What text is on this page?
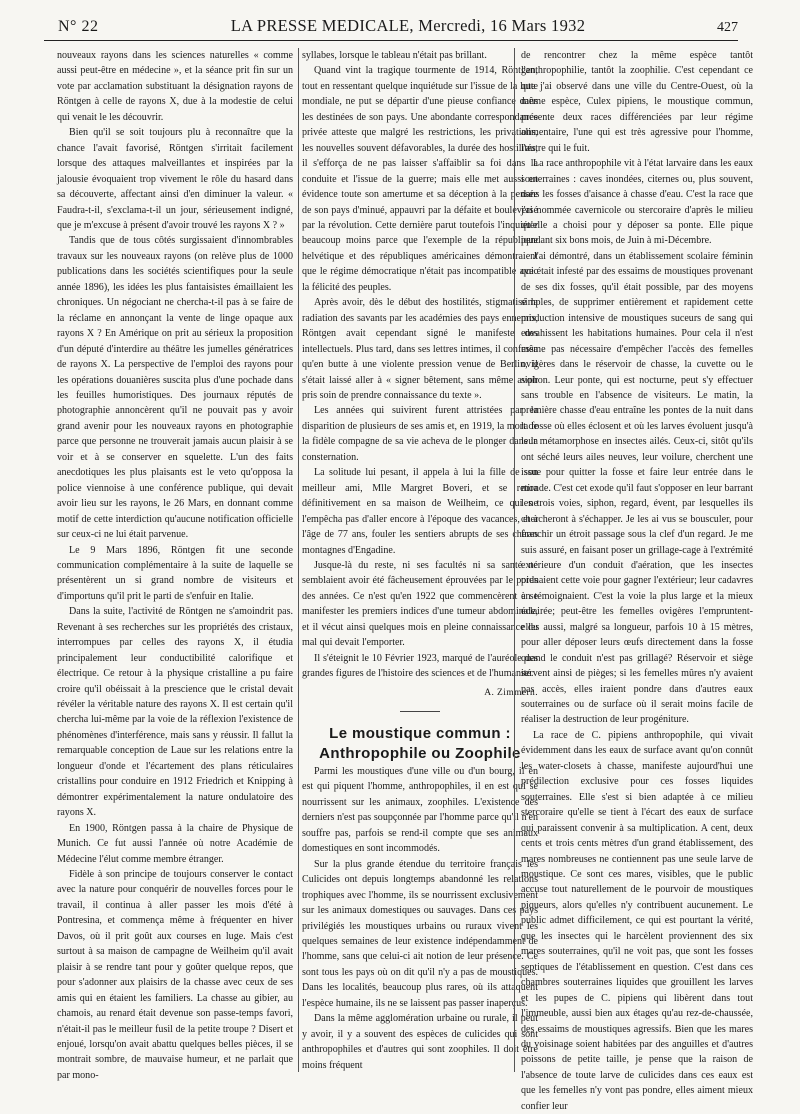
N° 22	LA PRESSE MEDICALE, Mercredi, 16 Mars 1932	427

nouveaux rayons dans les sciences naturelles « comme aussi peut-être en médecine », et la séance prit fin sur un vote par acclamation substituant la désignation rayons de Röntgen à celle de rayons X, due à la modestie de celui qui venait le les découvrir.

Bien qu'il se soit toujours plu à reconnaître que la chance l'avait favorisé, Röntgen s'irritait facilement lorsque des attaques malveillantes et inspirées par la jalousie évoquaient trop vivement le rôle du hasard dans sa découverte, affectant ainsi d'en diminuer la valeur. « Faudra-t-il, s'exclama-t-il un jour, sérieusement indigné, que je m'excuse à présent d'avoir trouvé les rayons X ? »

Tandis que de tous côtés surgissaient d'innombrables travaux sur les nouveaux rayons (on relève plus de 1000 publications dans les sociétés scientifiques pour la seule année 1896), les idées les plus fantaisistes émaillaient les chroniques. Un négociant ne chercha-t-il pas à se faire de la réclame en annonçant la vente de linge opaque aux rayons X ? En Amérique on prit au sérieux la proposition d'un député d'interdire au théâtre les jumelles génératrices de rayons X. La perspective de l'emploi des rayons pour les opérations douanières suscita plus d'une pochade dans les feuilles humoristiques. Des journaux réputés de photographie annoncèrent qu'il ne pouvait pas y avoir grand avenir pour les nouveaux rayons en photographie parce que personne ne trouverait jamais aucun plaisir à se voir et à se conserver en squelette. L'un des faits anecdotiques les plus plaisants est le veto qu'opposa la police viennoise à une conférence publique, qui devait avoir lieu sur les rayons, le 26 Mars, en donnant comme motif de cette interdiction qu'aucune notification officielle sur ceux-ci ne lui était parvenue.

Le 9 Mars 1896, Röntgen fit une seconde communication complémentaire à la suite de laquelle se présentèrent un si grand nombre de visiteurs et d'importuns qu'il prit le parti de s'enfuir en Italie.

Dans la suite, l'activité de Röntgen ne s'amoindrit pas. Revenant à ses recherches sur les propriétés des cristaux, interrompues par celles des rayons X, il étudia principalement leur conductibilité calorifique et électrique. Ce retour à la physique cristalline a pu faire croire qu'il obéissait à la prescience que le cristal devait révéler la véritable nature des rayons X. Il est certain qu'il chercha lui-même par la voie de la réflexion l'existence de phénomènes d'interférence, mais sans y réussir. Il fallut la remarquable conception de Laue sur les relations entre la longueur d'onde et l'écartement des plans réticulaires cristallins pour conduire en 1912 Friedrich et Knipping à démontrer expérimentalement la nature ondulatoire des rayons X.

En 1900, Röntgen passa à la chaire de Physique de Munich. Ce fut aussi l'année où notre Académie de Médecine l'élut comme membre étranger.

Fidèle à son principe de toujours conserver le contact avec la nature pour conquérir de nouvelles forces pour le travail, il continua à aller passer les mois d'été à Pontresina, et commença même à fréquenter en hiver Davos, où il prit goût aux courses en luge. Mais c'est surtout à sa maison de campagne de Weilheim qu'il avait plaisir à se rendre tant pour y goûter quelque repos, que pour s'adonner aux plaisirs de la chasse avec ceux de ses amis qui en étaient les familiers. La chasse au gibier, au chamois, au renard était devenue son passe-temps favori, n'était-il pas le meilleur fusil de la petite troupe ? Disert et enjoué, lorsqu'on avait abattu quelques belles pièces, il se montrait sombre, de mauvaise humeur, et ne parlait que par mono-

syllabes, lorsque le tableau n'était pas brillant.

Quand vint la tragique tourmente de 1914, Röntgen, tout en ressentant quelque inquiétude sur l'issue de la lutte mondiale, ne put se départir d'une pieuse confiance dans les destinées de son pays. Une abondante correspondance privée atteste que malgré les restrictions, les privations, les nouvelles souvent défavorables, la durée des hostilités, il s'efforça de ne pas laisser s'affaiblir sa foi dans la conduite et l'issue de la guerre; mais elle met aussi en évidence toute son amertume et sa déception à la pensée de son pays d'minué, appauvri par la défaite et bouleversé par la révolution. Cette dernière parut toutefois l'inquiéter beaucoup moins parce que l'exemple de la république helvétique et des républiques américaines démontraient que le régime démocratique n'était pas incompatible avec la félicité des peuples.

Après avoir, dès le début des hostilités, stigmatisé la radiation des savants par les académies des pays ennemis, Röntgen avait cependant signé le manifeste des intellectuels. Plus tard, dans ses lettres intimes, il confessa qu'en butte à une violente pression venue de Berlin, il s'était laissé aller à « signer bêtement, sans même avoir pris soin de prendre connaissance du texte ».

Les années qui suivirent furent attristées par la disparition de plusieurs de ses amis et, en 1919, la mort de la fidèle compagne de sa vie acheva de le plonger dans la consternation.

La solitude lui pesant, il appela à lui la fille de son meilleur ami, Mlle Margret Boveri, et se retira définitivement en sa maison de Weilheim, ce qui ne l'empêcha pas d'aller encore à l'époque des vacances, et à l'âge de 77 ans, fouler les sentiers abrupts de ses chères montagnes d'Engadine.

Jusque-là du reste, ni ses facultés ni sa santé ne semblaient avoir été fâcheusement éprouvées par le poids des années. Ce n'est qu'en 1922 que commencèrent à se manifester les premiers indices d'une tumeur abdominale, et il vécut ainsi quelques mois en pleine connaissance du mal qui devait l'emporter.

Il s'éteignit le 10 Février 1923, marqué de l'auréole des grandes figures de l'histoire des sciences et de l'humanité.

A. Zimmern.

Le moustique commun :
Anthropophile ou Zoophile

Parmi les moustiques d'une ville ou d'un bourg, il en est qui piquent l'homme, anthropophiles, il en est qui se nourrissent sur les animaux, zoophiles. L'existence des derniers n'est pas soupçonnée par l'homme parce qu'il n'en souffre pas, parfois se rend-il compte que ses animaux domestiques en sont incommodés.

Sur la plus grande étendue du territoire français les Culicides ont depuis longtemps abandonné les relations trophiques avec l'homme, ils se nourrissent exclusivement sur les animaux domestiques ou sauvages. Dans ces pays privilégiés les moustiques urbains ou ruraux vivent les quelques semaines de leur existence indépendamment de l'homme, sans que celui-ci ait notion de leur présence. Ce sont tous les pays où on dit qu'il n'y a pas de moustiques. Dans les localités, beaucoup plus rares, où ils attaquent l'espèce humaine, ils ne se laissent pas passer inaperçus.

Dans la même agglomération urbaine ou rurale, il peut y avoir, il y a souvent des espèces de culicides qui sont anthropophiles et d'autres qui sont zoophiles. Il doit être moins fréquent

de rencontrer chez la même espèce tantôt l'anthropophilie, tantôt la zoophilie. C'est cependant ce que j'ai observé dans une ville du Centre-Ouest, où la même espèce, Culex pipiens, le moustique commun, présente deux races différenciées par leur régime alimentaire, l'une qui est très agressive pour l'homme, l'autre qui le fuit.

La race anthropophile vit à l'état larvaire dans les eaux souterraines : caves inondées, citernes ou, plus souvent, dans les fosses d'aisance à chasse d'eau. C'est la race que j'ai nommée cavernicole ou stercoraire d'après le milieu qu'elle a choisi pour y déposer sa ponte. Elle pique pendant six bons mois, de Juin à mi-Décembre.

J'ai démontré, dans un établissement scolaire féminin qui était infesté par des essaims de moustiques provenant de ses dix fosses, qu'il était possible, par des moyens simples, de supprimer entièrement et rapidement cette production intensive de moustiques suceurs de sang qui envahissent les habitations humaines. Pour cela il n'est même pas nécessaire d'empêcher l'accès des femelles ovigères dans le réservoir de chasse, la cuvette ou le siphon. Leur ponte, qui est nocturne, peut s'y effectuer sans trouble en l'absence de visiteurs. Le matin, la première chasse d'eau entraîne les pontes de la nuit dans la fosse où elles éclosent et où les larves évoluent jusqu'à leur métamorphose en insectes ailés. Ceux-ci, sitôt qu'ils ont séché leurs ailes neuves, leur voilure, cherchent une issue pour quitter la fosse et faire leur entrée dans le monde. C'est cet exode qu'il faut s'opposer en leur barrant les trois voies, siphon, regard, évent, par lesquelles ils chercheront à s'échapper. Je les ai vus se bousculer, pour franchir un étroit passage sous la clef d'un regard. Je me suis assuré, en faisant poser un grillage-cage à l'extrémité extérieure d'un conduit d'aération, que les insectes prenaient cette voie pour gagner l'extérieur; leur cadavres en témoignaient. C'est la voie la plus large et la mieux éclairée; peut-être les femelles ovigères l'empruntent-elles aussi, malgré sa longueur, parfois 10 à 15 mètres, pour aller déposer leurs œufs directement dans la fosse quand le conduit n'est pas grillagé? Réservoir et siège servent ainsi de pièges; si les femelles mûres n'y avaient pas accès, elles iraient pondre dans d'autres eaux souterraines ou de surface où il serait moins facile de réaliser la destruction de leur progéniture.

La race de C. pipiens anthropophile, qui vivait évidemment dans les eaux de surface avant qu'on connût les water-closets à chasse, manifeste aujourd'hui une prédilection exclusive pour ces fosses liquides souterraines. Elle s'est si bien adaptée à ce milieu stercoraire qu'elle se tient à l'écart des eaux de surface qui paraissent convenir à sa multiplication. A cent, deux cents et trois cents mètres d'un grand établissement, des mares nombreuses ne contiennent pas une seule larve de moustique. Ce sont ces mares, visibles, que le public accuse tout naturellement de le pourvoir de moustiques piqueurs, alors qu'elles n'y contribuent aucunement. Le public admet difficilement, ce qui est pourtant la vérité, que les insectes qui le harcèlent proviennent des six mares souterraines, qu'il ne voit pas, que sont les fosses septiques de l'établissement en question. C'est dans ces chambres souterraines liquides que grouillent les larves et les pupes de C. pipiens qui libèrent dans tout l'immeuble, aussi bien aux étages qu'au rez-de-chaussée, des essaims de moustiques agressifs. Bien que les mares du voisinage soient habitées par des anguilles et d'autres poissons de petite taille, je pense que la raison de l'absence de toute larve de culicides dans ces eaux est que les femelles n'y vont pas pondre, elles aiment mieux confier leur
